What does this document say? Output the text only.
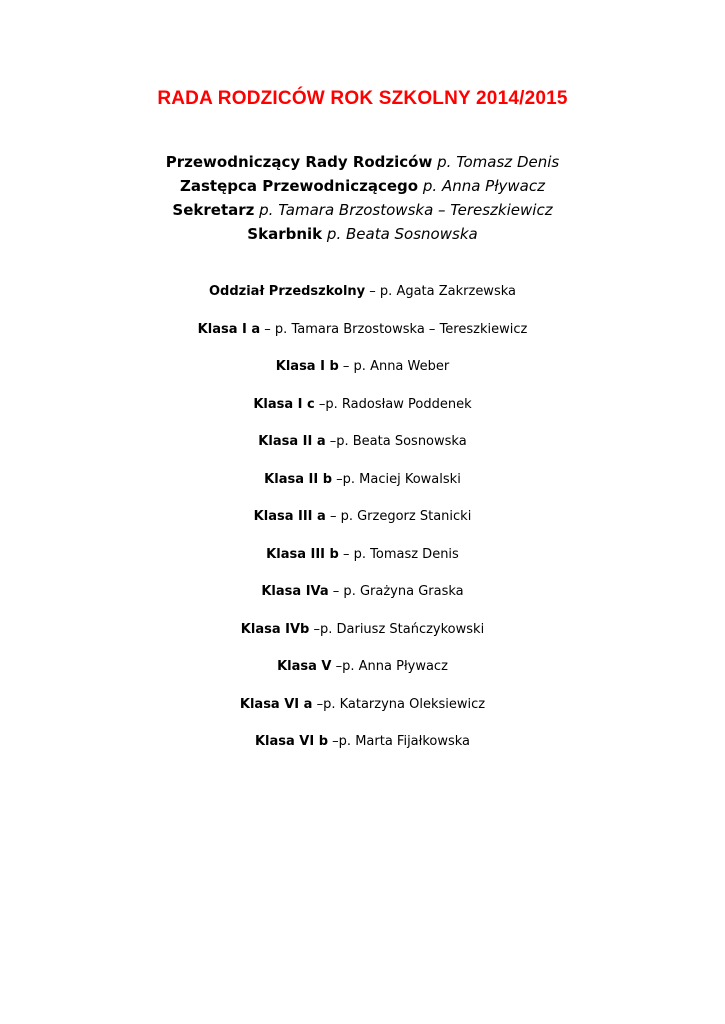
RADA RODZICÓW ROK SZKOLNY 2014/2015
Przewodniczący Rady Rodziców p. Tomasz Denis
Zastępca Przewodniczącego p. Anna Pływacz
Sekretarz p. Tamara Brzostowska – Tereszkiewicz
Skarbnik p. Beata Sosnowska
Oddział Przedszkolny – p. Agata Zakrzewska
Klasa I a – p. Tamara Brzostowska – Tereszkiewicz
Klasa I b – p. Anna Weber
Klasa I c –p. Radosław Poddenek
Klasa II a –p. Beata Sosnowska
Klasa II b –p. Maciej Kowalski
Klasa III a – p. Grzegorz Stanicki
Klasa III b – p. Tomasz Denis
Klasa IVa – p. Grażyna Graska
Klasa IVb –p. Dariusz Stańczykowski
Klasa V –p. Anna Pływacz
Klasa VI a –p. Katarzyna Oleksiewicz
Klasa VI b –p. Marta Fijałkowska
